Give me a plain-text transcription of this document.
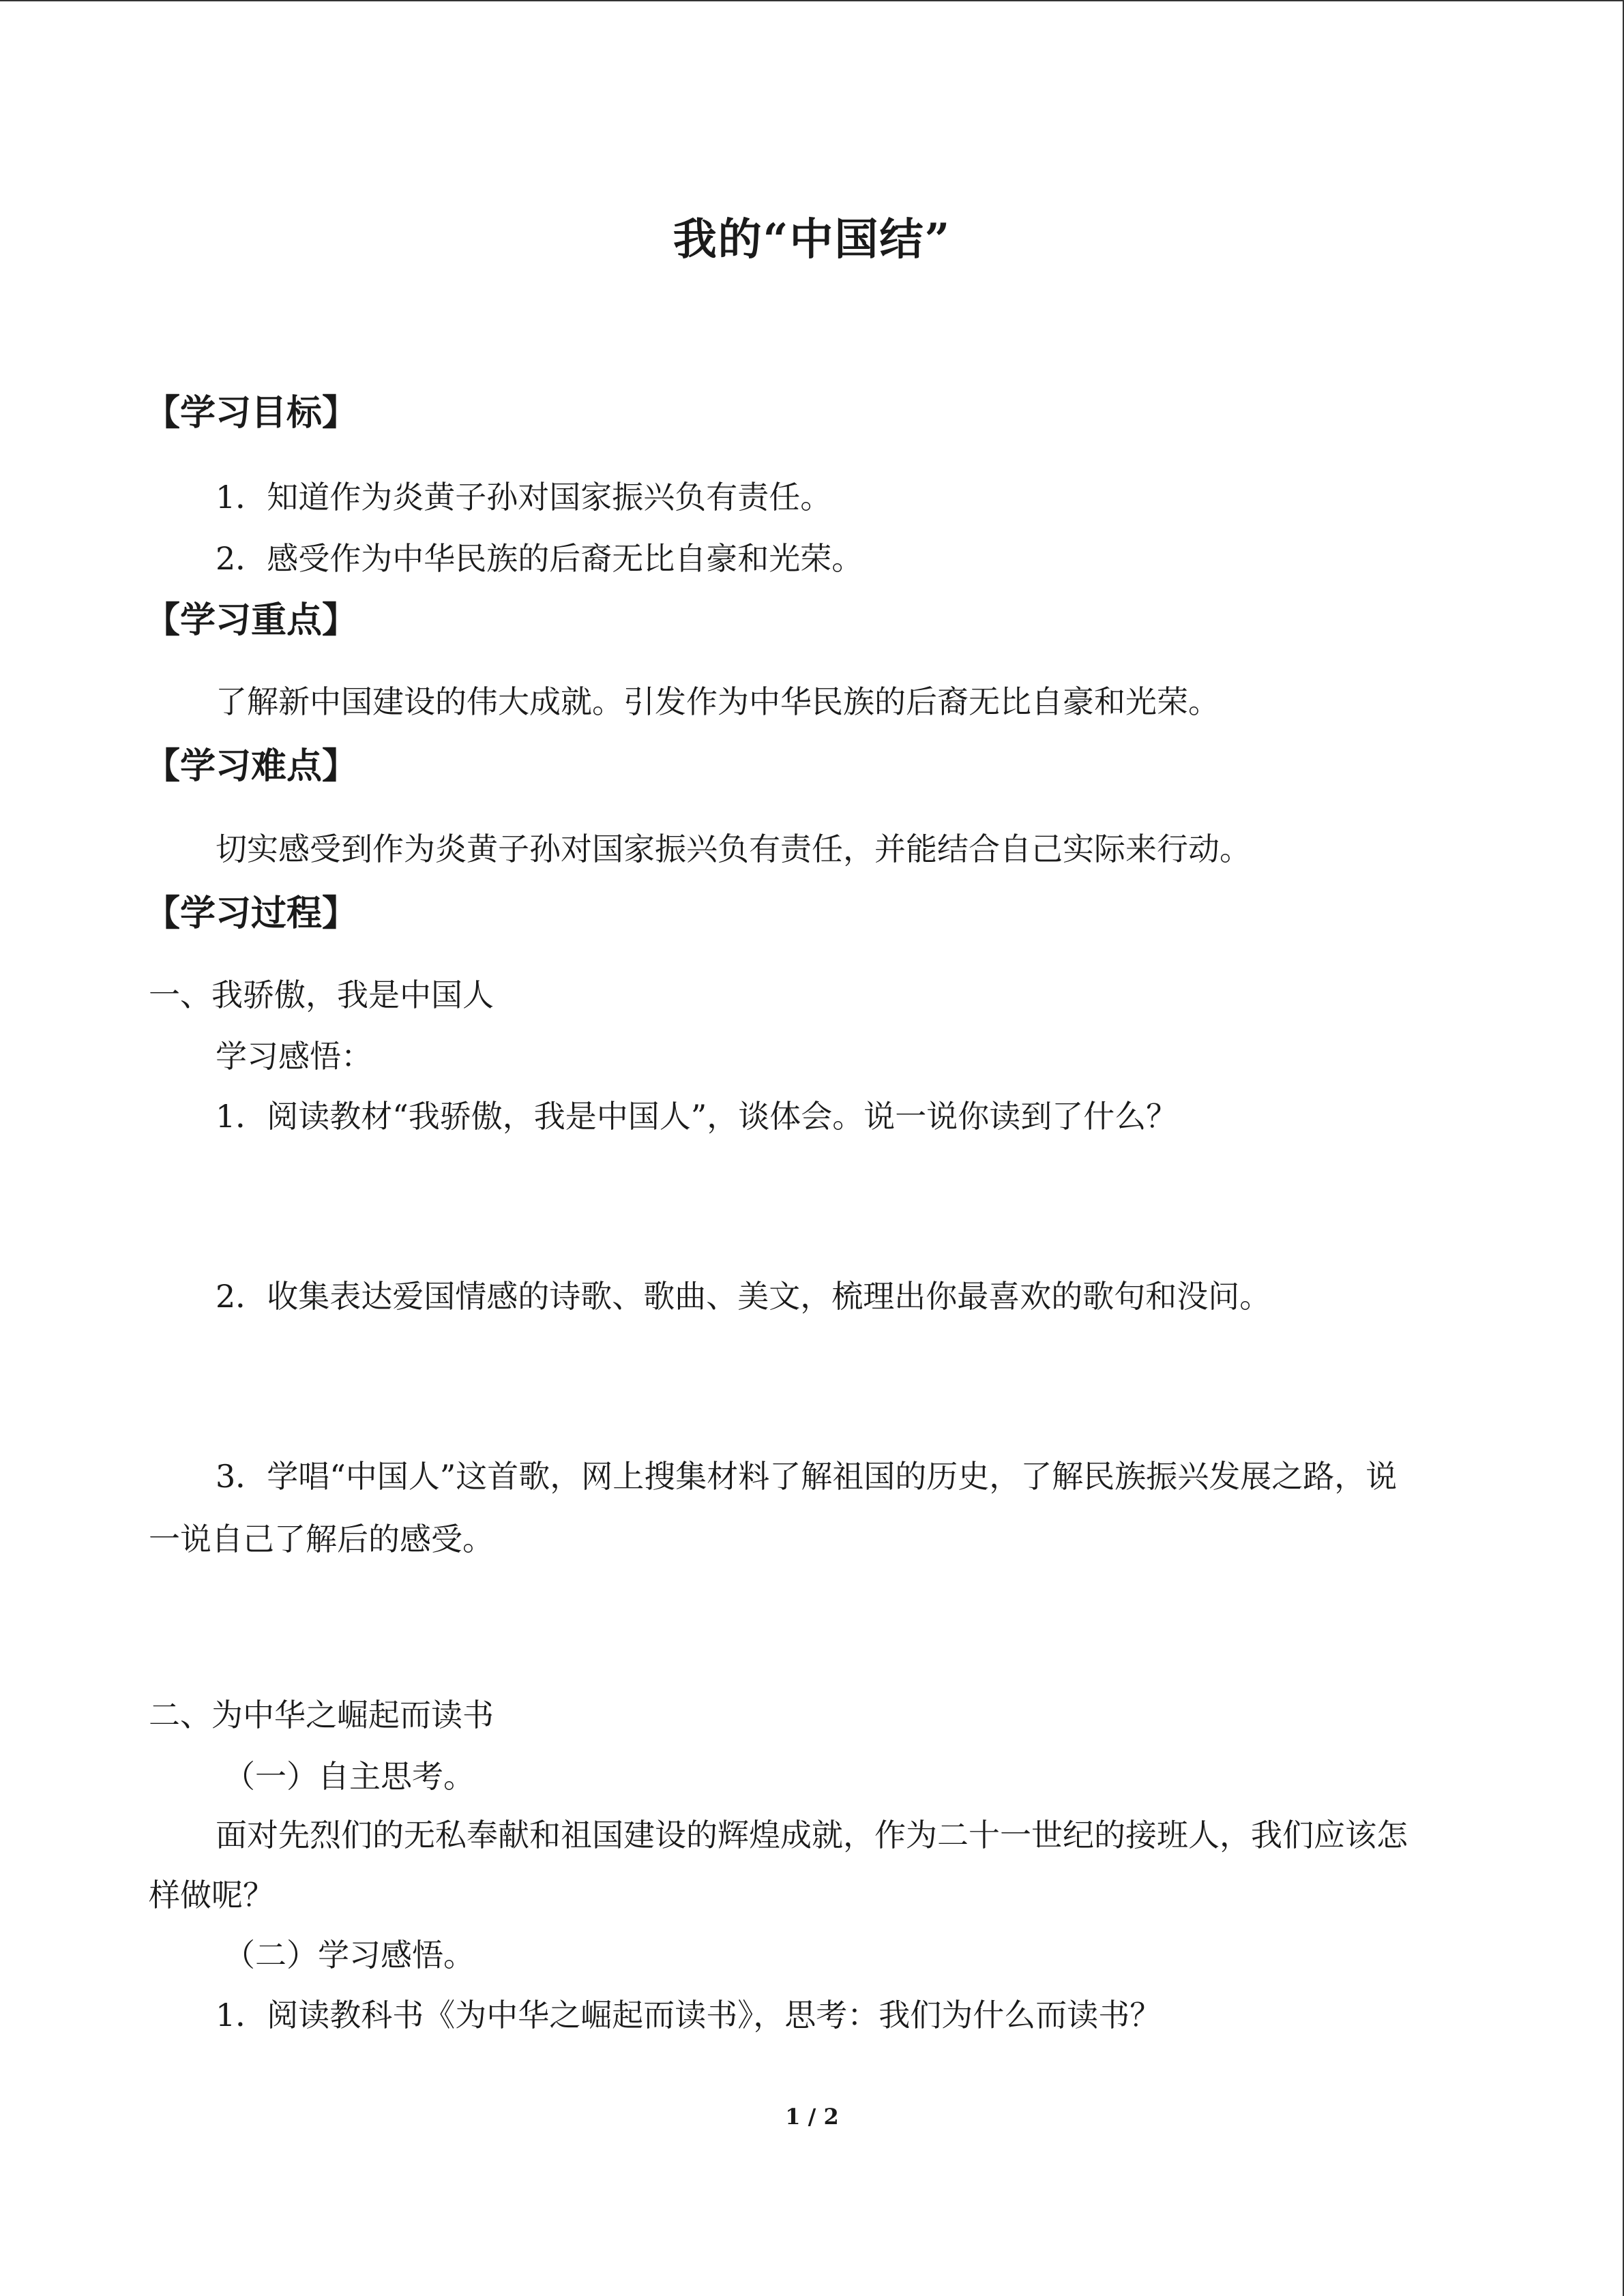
我的“中国结”
【学习目标】
1．知道作为炎黄子孙对国家振兴负有责任。
2．感受作为中华民族的后裔无比自豪和光荣。
【学习重点】
了解新中国建设的伟大成就。引发作为中华民族的后裔无比自豪和光荣。
【学习难点】
切实感受到作为炎黄子孙对国家振兴负有责任，并能结合自己实际来行动。
【学习过程】
一、我骄傲，我是中国人
学习感悟：
1．阅读教材“我骄傲，我是中国人”，谈体会。说一说你读到了什么？
2．收集表达爱国情感的诗歌、歌曲、美文，梳理出你最喜欢的歌句和没问。
3．学唱“中国人”这首歌，网上搜集材料了解祖国的历史，了解民族振兴发展之路，说
一说自己了解后的感受。
二、为中华之崛起而读书
（一）自主思考。
面对先烈们的无私奉献和祖国建设的辉煌成就，作为二十一世纪的接班人，我们应该怎
样做呢？
（二）学习感悟。
1．阅读教科书《为中华之崛起而读书》，思考：我们为什么而读书？
1 / 2
